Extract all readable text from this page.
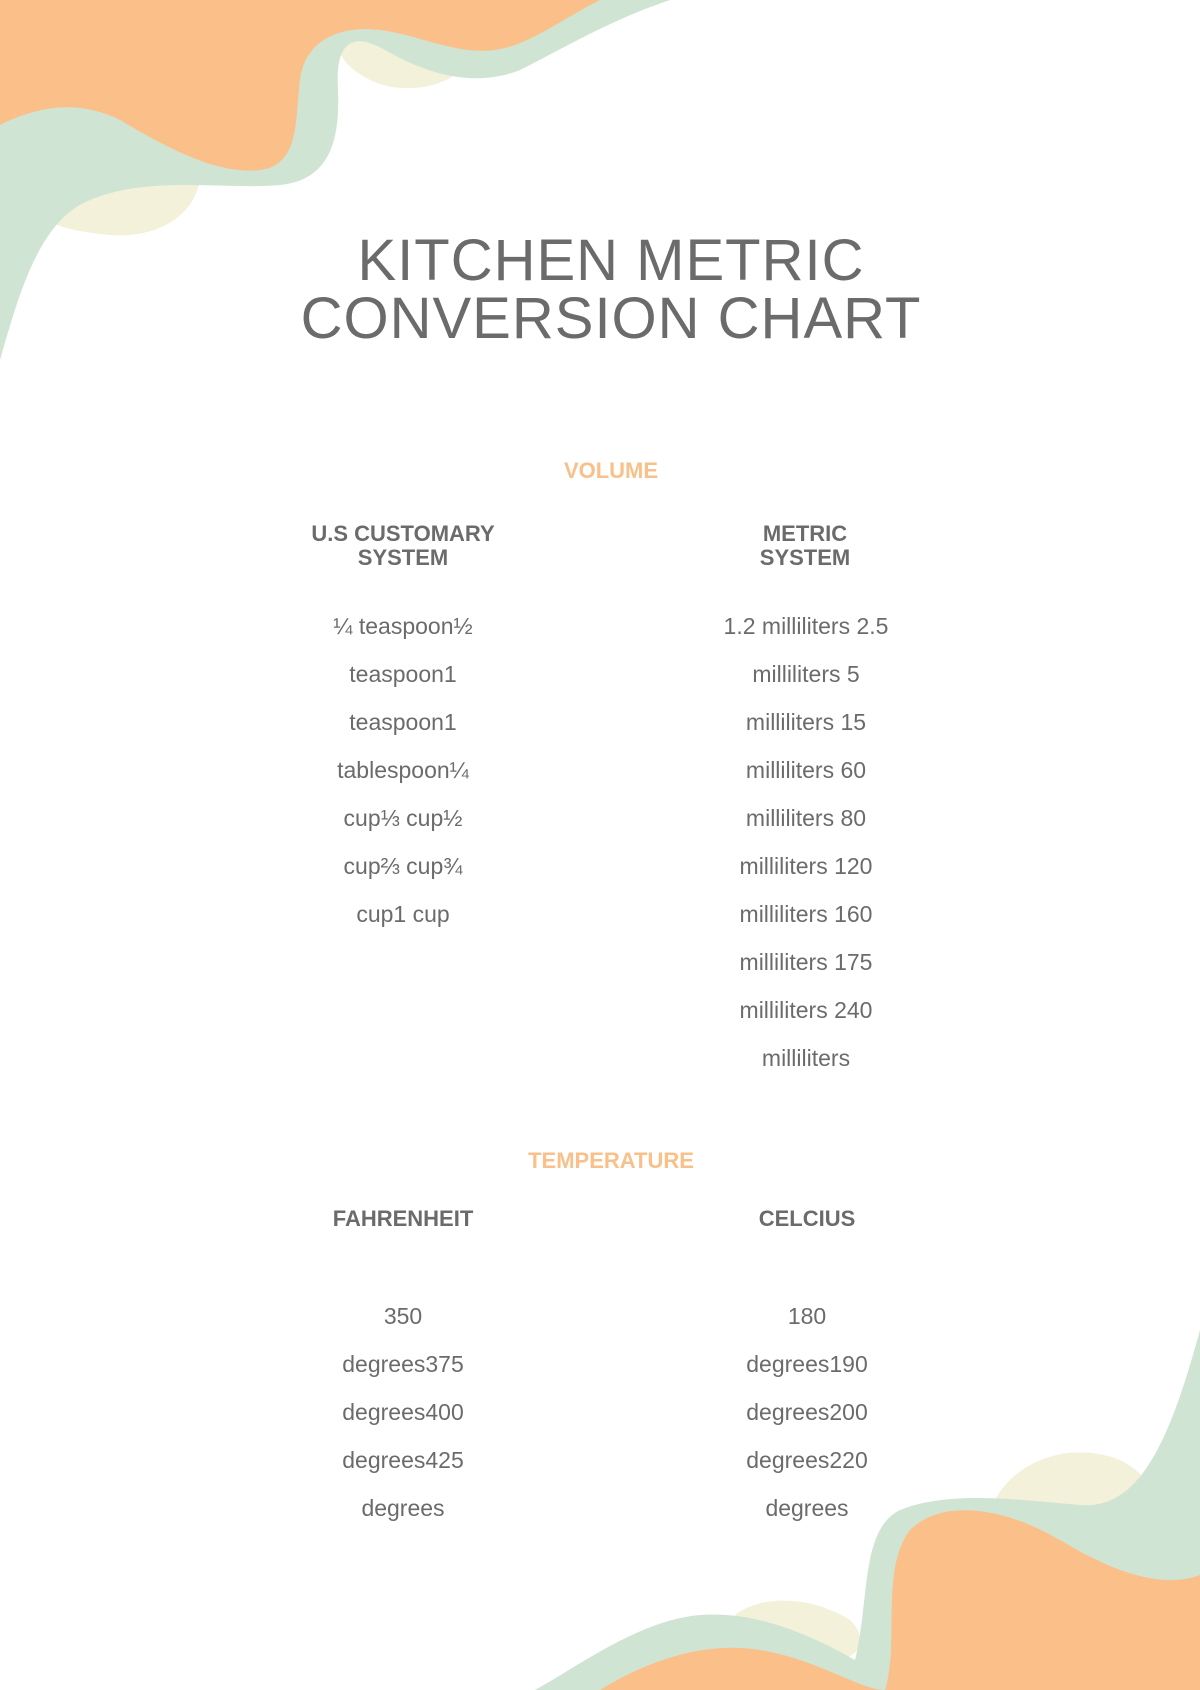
KITCHEN METRIC
CONVERSION CHART
VOLUME
U.S CUSTOMARY
SYSTEM
METRIC
SYSTEM
¼ teaspoon½
teaspoon1
teaspoon1
tablespoon¼
cup⅓ cup½
cup⅔ cup¾
cup1 cup
1.2 milliliters 2.5
milliliters 5
milliliters 15
milliliters 60
milliliters 80
milliliters 120
milliliters 160
milliliters 175
milliliters 240
milliliters
TEMPERATURE
FAHRENHEIT	CELCIUS
350
degrees375
degrees400
degrees425
degrees
180
degrees190
degrees200
degrees220
degrees
